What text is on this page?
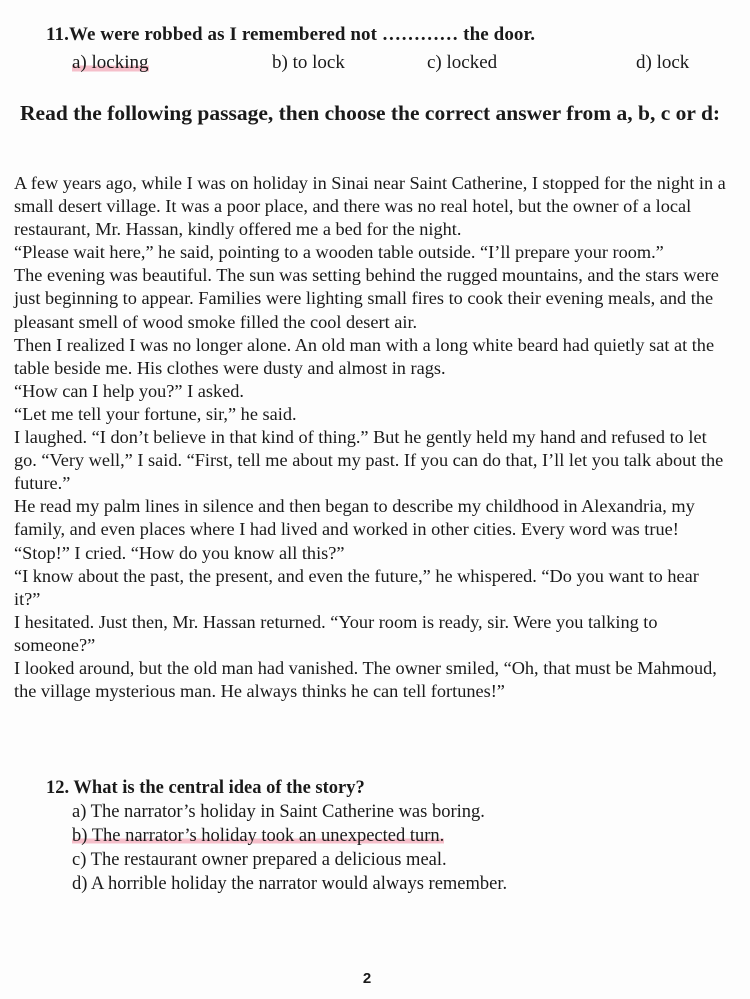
11.We were robbed as I remembered not ………… the door.
a) locking	b) to lock	c) locked	d) lock
Read the following passage, then choose the correct answer from a, b, c or d:

A few years ago, while I was on holiday in Sinai near Saint Catherine, I stopped for the night in a small desert village. It was a poor place, and there was no real hotel, but the owner of a local restaurant, Mr. Hassan, kindly offered me a bed for the night.

“Please wait here,” he said, pointing to a wooden table outside. “I’ll prepare your room.”

The evening was beautiful. The sun was setting behind the rugged mountains, and the stars were just beginning to appear. Families were lighting small fires to cook their evening meals, and the pleasant smell of wood smoke filled the cool desert air.

Then I realized I was no longer alone. An old man with a long white beard had quietly sat at the table beside me. His clothes were dusty and almost in rags.

“How can I help you?” I asked.

“Let me tell your fortune, sir,” he said.

I laughed. “I don’t believe in that kind of thing.” But he gently held my hand and refused to let go. “Very well,” I said. “First, tell me about my past. If you can do that, I’ll let you talk about the future.”

He read my palm lines in silence and then began to describe my childhood in Alexandria, my family, and even places where I had lived and worked in other cities. Every word was true!

“Stop!” I cried. “How do you know all this?”

“I know about the past, the present, and even the future,” he whispered. “Do you want to hear it?”

I hesitated. Just then, Mr. Hassan returned. “Your room is ready, sir. Were you talking to someone?”

I looked around, but the old man had vanished. The owner smiled, “Oh, that must be Mahmoud, the village mysterious man. He always thinks he can tell fortunes!”

12. What is the central idea of the story?
a) The narrator’s holiday in Saint Catherine was boring.
b) The narrator’s holiday took an unexpected turn.
c) The restaurant owner prepared a delicious meal.
d) A horrible holiday the narrator would always remember.
2
